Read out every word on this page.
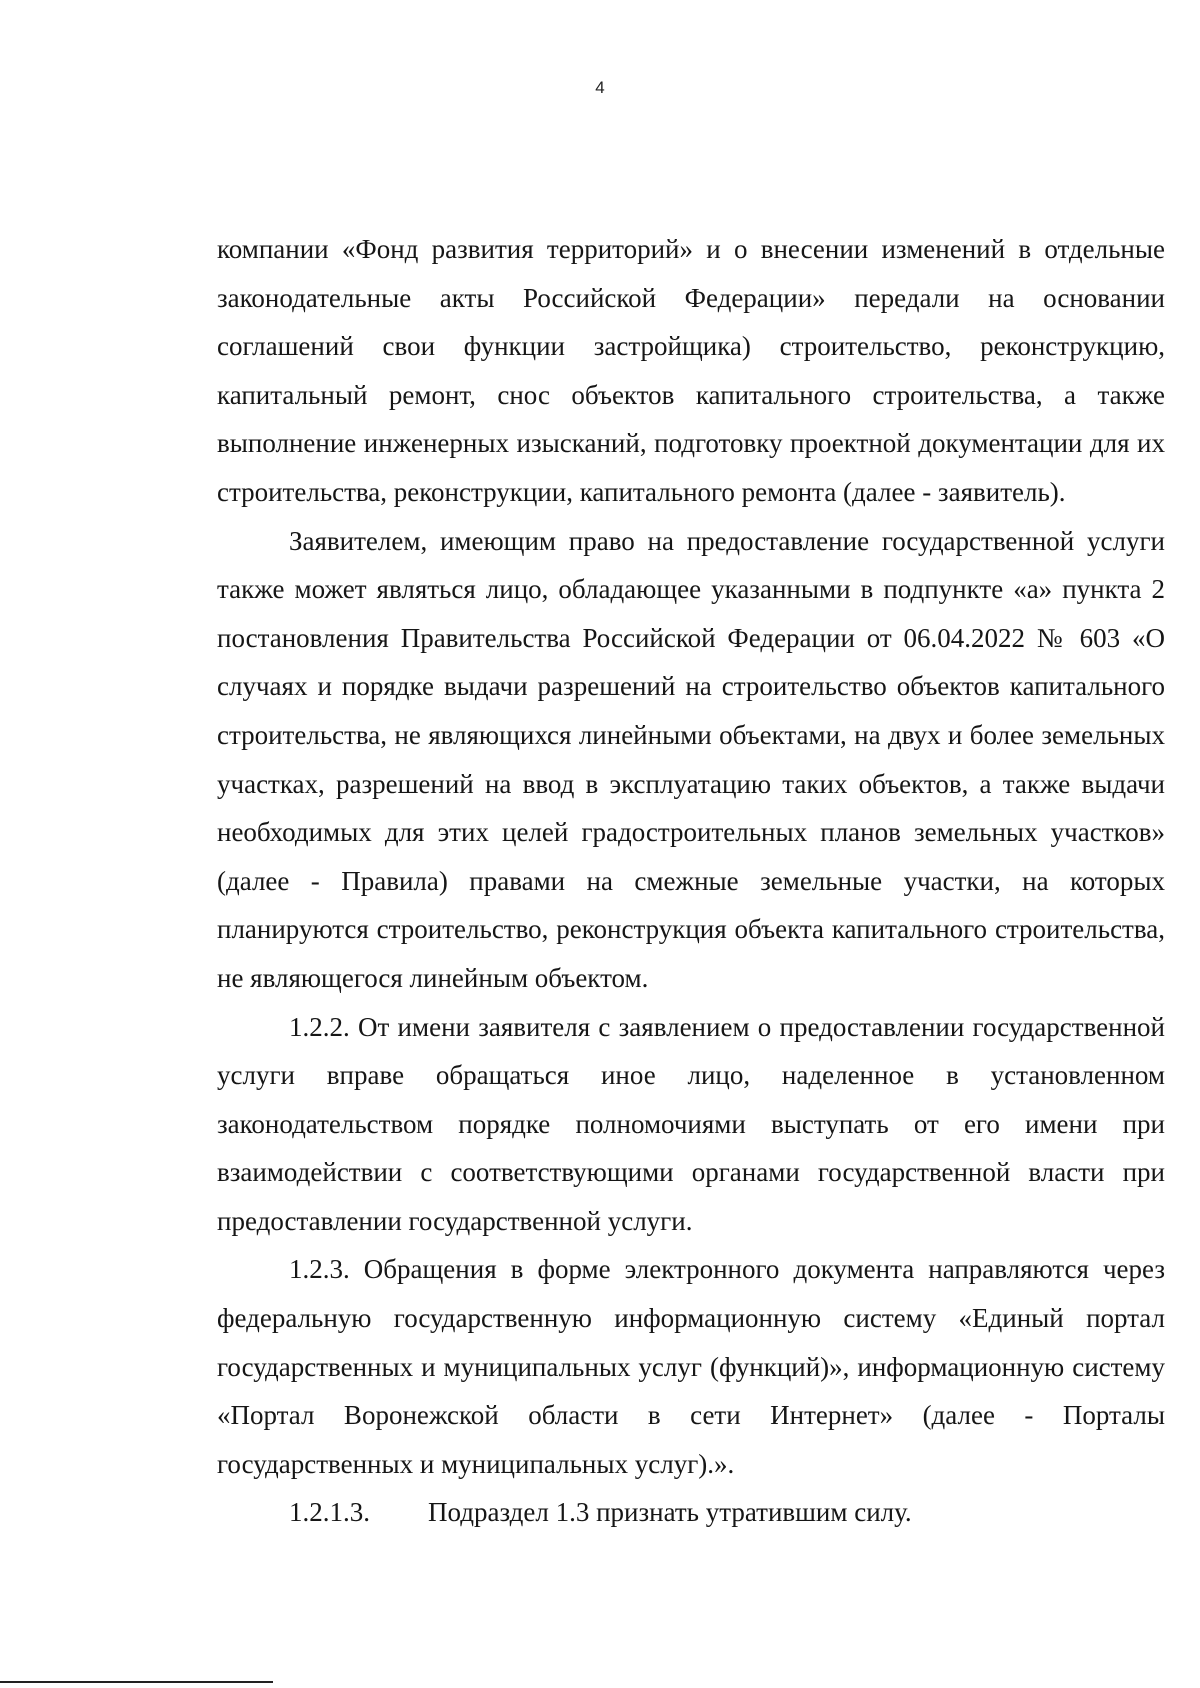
4

компании «Фонд развития территорий» и о внесении изменений в отдельные законодательные акты Российской Федерации» передали на основании соглашений свои функции застройщика) строительство, реконструкцию, капитальный ремонт, снос объектов капитального строительства, а также выполнение инженерных изысканий, подготовку проектной документации для их строительства, реконструкции, капитального ремонта (далее - заявитель).

Заявителем, имеющим право на предоставление государственной услуги также может являться лицо, обладающее указанными в подпункте «а» пункта 2 постановления Правительства Российской Федерации от 06.04.2022 № 603 «О случаях и порядке выдачи разрешений на строительство объектов капитального строительства, не являющихся линейными объектами, на двух и более земельных участках, разрешений на ввод в эксплуатацию таких объектов, а также выдачи необходимых для этих целей градостроительных планов земельных участков» (далее - Правила) правами на смежные земельные участки, на которых планируются строительство, реконструкция объекта капитального строительства, не являющегося линейным объектом.

1.2.2. От имени заявителя с заявлением о предоставлении государственной услуги вправе обращаться иное лицо, наделенное в установленном законодательством порядке полномочиями выступать от его имени при взаимодействии с соответствующими органами государственной власти при предоставлении государственной услуги.

1.2.3. Обращения в форме электронного документа направляются через федеральную государственную информационную систему «Единый портал государственных и муниципальных услуг (функций)», информационную систему «Портал Воронежской области в сети Интернет» (далее - Порталы государственных и муниципальных услуг).».

1.2.1.3.	Подраздел 1.3 признать утратившим силу.
